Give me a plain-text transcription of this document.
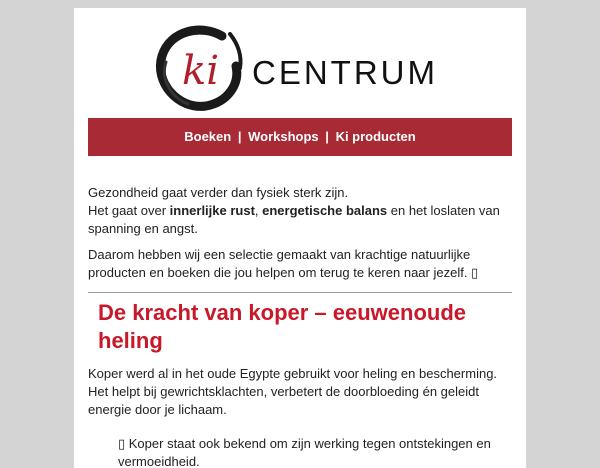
ki CENTRUM
Boeken | Workshops | Ki producten

Gezondheid gaat verder dan fysiek sterk zijn.
Het gaat over innerlijke rust, energetische balans en het loslaten van spanning en angst.

Daarom hebben wij een selectie gemaakt van krachtige natuurlijke producten en boeken die jou helpen om terug te keren naar jezelf. ▯

De kracht van koper – eeuwenoude heling

Koper werd al in het oude Egypte gebruikt voor heling en bescherming.
Het helpt bij gewrichtsklachten, verbetert de doorbloeding én geleidt energie door je lichaam.

▯ Koper staat ook bekend om zijn werking tegen ontstekingen en vermoeidheid.
